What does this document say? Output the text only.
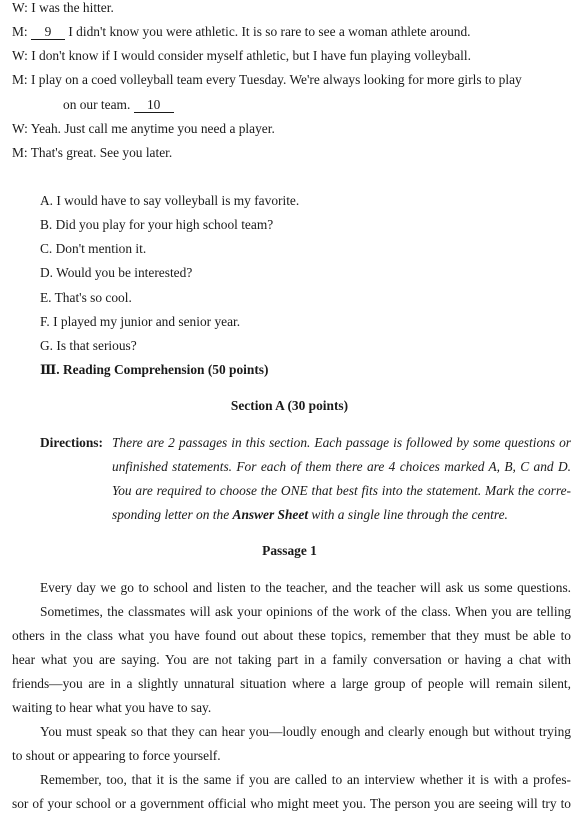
W: I was the hitter.
M: 9 I didn't know you were athletic. It is so rare to see a woman athlete around.
W: I don't know if I would consider myself athletic, but I have fun playing volleyball.
M: I play on a coed volleyball team every Tuesday. We're always looking for more girls to play
on our team. 10
W: Yeah. Just call me anytime you need a player.
M: That's great. See you later.
A. I would have to say volleyball is my favorite.
B. Did you play for your high school team?
C. Don't mention it.
D. Would you be interested?
E. That's so cool.
F. I played my junior and senior year.
G. Is that serious?
Ⅲ. Reading Comprehension (50 points)
Section A (30 points)
Directions: There are 2 passages in this section. Each passage is followed by some questions or
unfinished statements. For each of them there are 4 choices marked A, B, C and D.
You are required to choose the ONE that best fits into the statement. Mark the corre-
sponding letter on the Answer Sheet with a single line through the centre.
Passage 1
Every day we go to school and listen to the teacher, and the teacher will ask us some questions.
Sometimes, the classmates will ask your opinions of the work of the class. When you are telling
others in the class what you have found out about these topics, remember that they must be able to
hear what you are saying. You are not taking part in a family conversation or having a chat with
friends—you are in a slightly unnatural situation where a large group of people will remain silent,
waiting to hear what you have to say.
You must speak so that they can hear you—loudly enough and clearly enough but without trying
to shout or appearing to force yourself.
Remember, too, that it is the same if you are called to an interview whether it is with a profes-
sor of your school or a government official who might meet you. The person you are seeing will try to
